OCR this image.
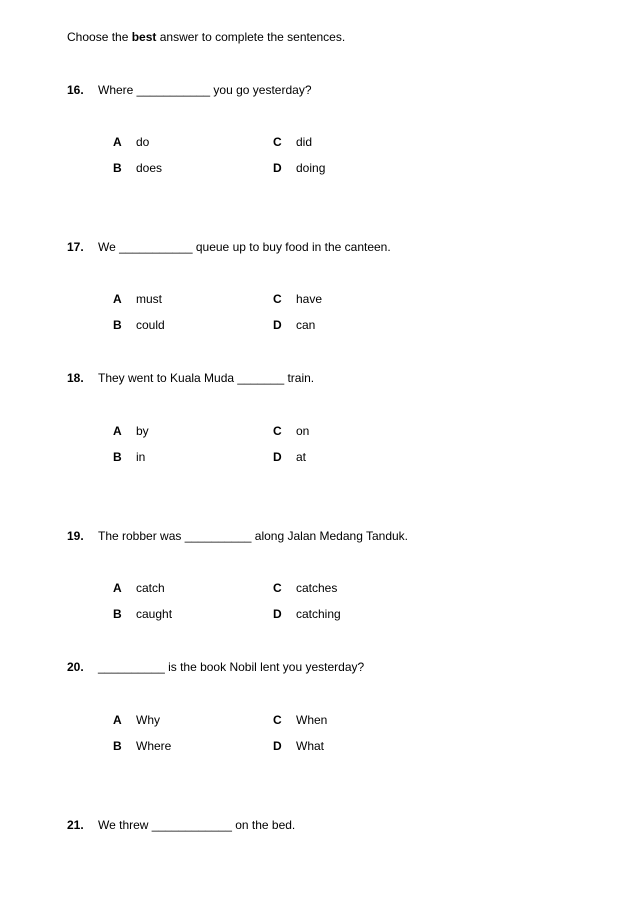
Choose the best answer to complete the sentences.
16. Where ___________ you go yesterday?
A do	C did
B does	D doing
17. We ___________ queue up to buy food in the canteen.
A must	C have
B could	D can
18. They went to Kuala Muda _______ train.
A by	C on
B in	D at
19. The robber was __________ along Jalan Medang Tanduk.
A catch	C catches
B caught	D catching
20. __________ is the book Nobil lent you yesterday?
A Why	C When
B Where	D What
21. We threw ____________ on the bed.
